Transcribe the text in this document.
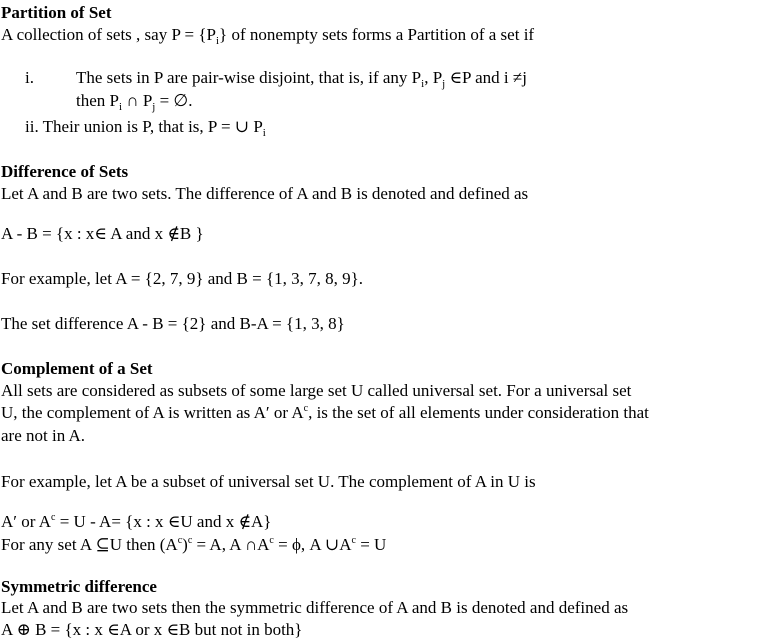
Partition of Set
A collection of sets , say $P = \{P_i\}$ of nonempty sets forms a Partition of a set if
i. The sets in P are pair-wise disjoint, that is, if any $P_i$, $P_j$ ∈P and i ≠j
then $P_i$ ∩ $P_j$ = ∅.
ii. Their union is P, that is, P = ∪ $P_i$
Difference of Sets
Let A and B are two sets. The difference of A and B is denoted and defined as
A - B = {x : x∈ A and x ∉B }
For example, let A = {2, 7, 9} and B = {1, 3, 7, 8, 9}.
The set difference A - B = {2} and B-A = {1, 3, 8}
Complement of a Set
All sets are considered as subsets of some large set U called universal set. For a universal set
U, the complement of A is written as A′ or $A^c$, is the set of all elements under consideration that
are not in A.
For example, let A be a subset of universal set U. The complement of A in U is
A′ or $A^c = U - A= \{x$ : x ∈U and x ∉A}
For any set A ⊆U then $(A^c)^c = A$, A $\cap A^c = \phi$, A $\cup A^c = U$
Symmetric difference
Let A and B are two sets then the symmetric difference of A and B is denoted and defined as
A ⊕ B = {x : x ∈A or x ∈B but not in both}
